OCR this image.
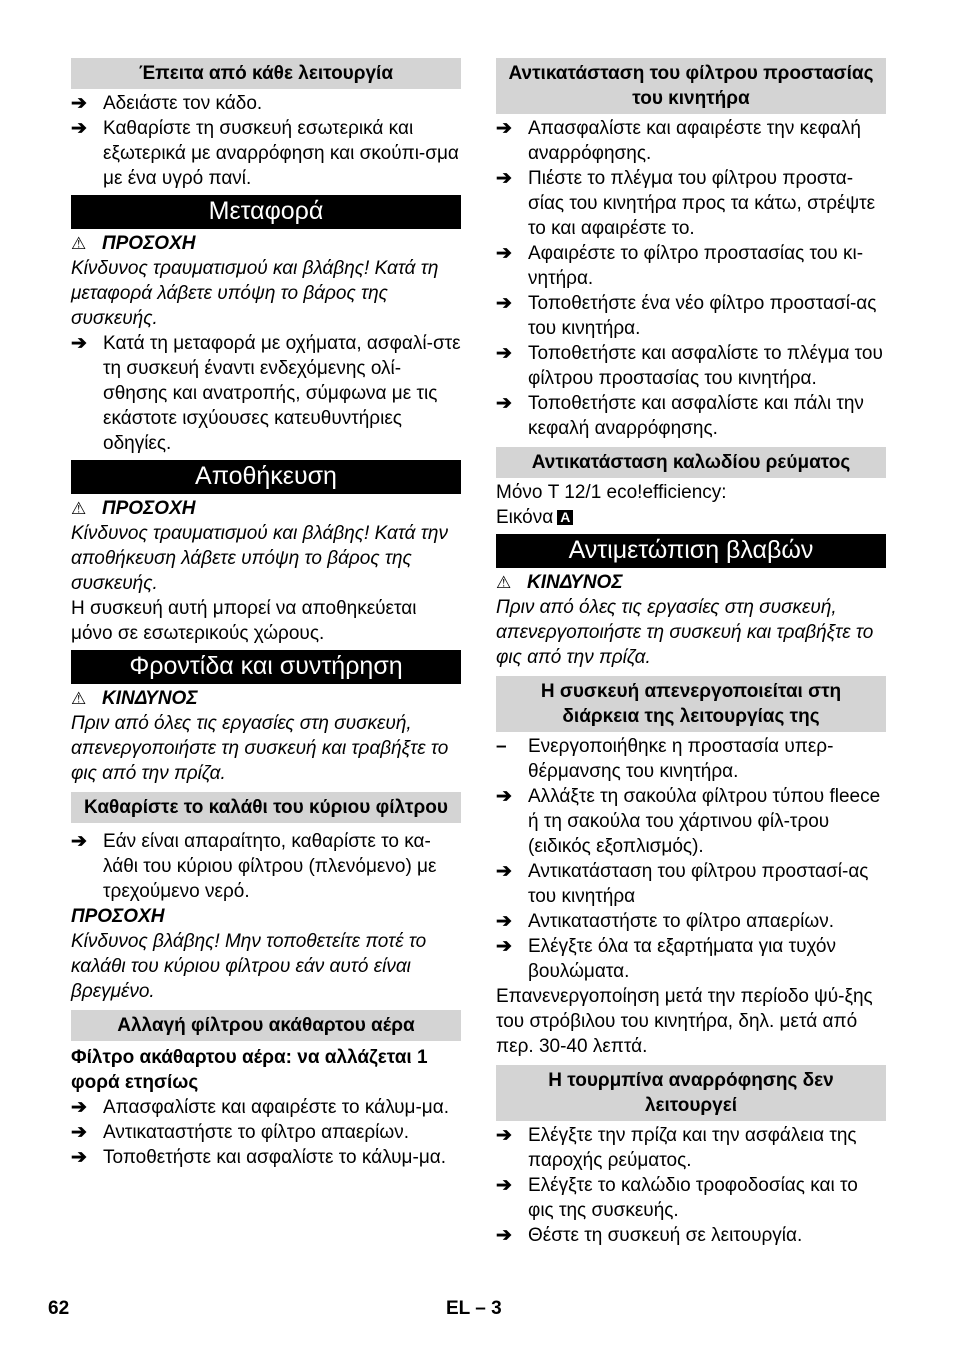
Έπειτα από κάθε λειτουργία
➔ Αδειάστε τον κάδο.
➔ Καθαρίστε τη συσκευή εσωτερικά και εξωτερικά με αναρρόφηση και σκούπι-σμα με ένα υγρό πανί.
Μεταφορά
⚠ ΠΡΟΣΟΧΗ
Κίνδυνος τραυματισμού και βλάβης! Κατά τη μεταφορά λάβετε υπόψη το βάρος της συσκευής.
➔ Κατά τη μεταφορά με οχήματα, ασφαλί-στε τη συσκευή έναντι ενδεχόμενης ολί-σθησης και ανατροπής, σύμφωνα με τις εκάστοτε ισχύουσες κατευθυντήριες οδηγίες.
Αποθήκευση
⚠ ΠΡΟΣΟΧΗ
Κίνδυνος τραυματισμού και βλάβης! Κατά την αποθήκευση λάβετε υπόψη το βάρος της συσκευής.
Η συσκευή αυτή μπορεί να αποθηκεύεται μόνο σε εσωτερικούς χώρους.
Φροντίδα και συντήρηση
⚠ ΚΙΝΔΥΝΟΣ
Πριν από όλες τις εργασίες στη συσκευή, απενεργοποιήστε τη συσκευή και τραβήξτε το φις από την πρίζα.
Καθαρίστε το καλάθι του κύριου φίλτρου
➔ Εάν είναι απαραίτητο, καθαρίστε το κα-λάθι του κύριου φίλτρου (πλενόμενο) με τρεχούμενο νερό.
ΠΡΟΣΟΧΗ
Κίνδυνος βλάβης! Μην τοποθετείτε ποτέ το καλάθι του κύριου φίλτρου εάν αυτό είναι βρεγμένο.
Αλλαγή φίλτρου ακάθαρτου αέρα
Φίλτρο ακάθαρτου αέρα: να αλλάζεται 1 φορά ετησίως
➔ Απασφαλίστε και αφαιρέστε το κάλυμ-μα.
➔ Αντικαταστήστε το φίλτρο απαερίων.
➔ Τοποθετήστε και ασφαλίστε το κάλυμ-μα.
Αντικατάσταση του φίλτρου προστασίας του κινητήρα
➔ Απασφαλίστε και αφαιρέστε την κεφαλή αναρρόφησης.
➔ Πιέστε το πλέγμα του φίλτρου προστα-σίας του κινητήρα προς τα κάτω, στρέψτε το και αφαιρέστε το.
➔ Αφαιρέστε το φίλτρο προστασίας του κι-νητήρα.
➔ Τοποθετήστε ένα νέο φίλτρο προστασί-ας του κινητήρα.
➔ Τοποθετήστε και ασφαλίστε το πλέγμα του φίλτρου προστασίας του κινητήρα.
➔ Τοποθετήστε και ασφαλίστε και πάλι την κεφαλή αναρρόφησης.
Αντικατάσταση καλωδίου ρεύματος
Μόνο T 12/1 eco!efficiency:
Εικόνα A
Αντιμετώπιση βλαβών
⚠ ΚΙΝΔΥΝΟΣ
Πριν από όλες τις εργασίες στη συσκευή, απενεργοποιήστε τη συσκευή και τραβήξτε το φις από την πρίζα.
Η συσκευή απενεργοποιείται στη διάρκεια της λειτουργίας της
–	Ενεργοποιήθηκε η προστασία υπερ-θέρμανσης του κινητήρα.
➔ Αλλάξτε τη σακούλα φίλτρου τύπου fleece ή τη σακούλα του χάρτινου φίλ-τρου (ειδικός εξοπλισμός).
➔ Αντικατάσταση του φίλτρου προστασί-ας του κινητήρα
➔ Αντικαταστήστε το φίλτρο απαερίων.
➔ Ελέγξτε όλα τα εξαρτήματα για τυχόν βουλώματα.
Επανενεργοποίηση μετά την περίοδο ψύ-ξης του στρόβιλου του κινητήρα, δηλ. μετά από περ. 30-40 λεπτά.
Η τουρμπίνα αναρρόφησης δεν λειτουργεί
➔ Ελέγξτε την πρίζα και την ασφάλεια της παροχής ρεύματος.
➔ Ελέγξτε το καλώδιο τροφοδοσίας και το φις της συσκευής.
➔ Θέστε τη συσκευή σε λειτουργία.
62	EL – 3
